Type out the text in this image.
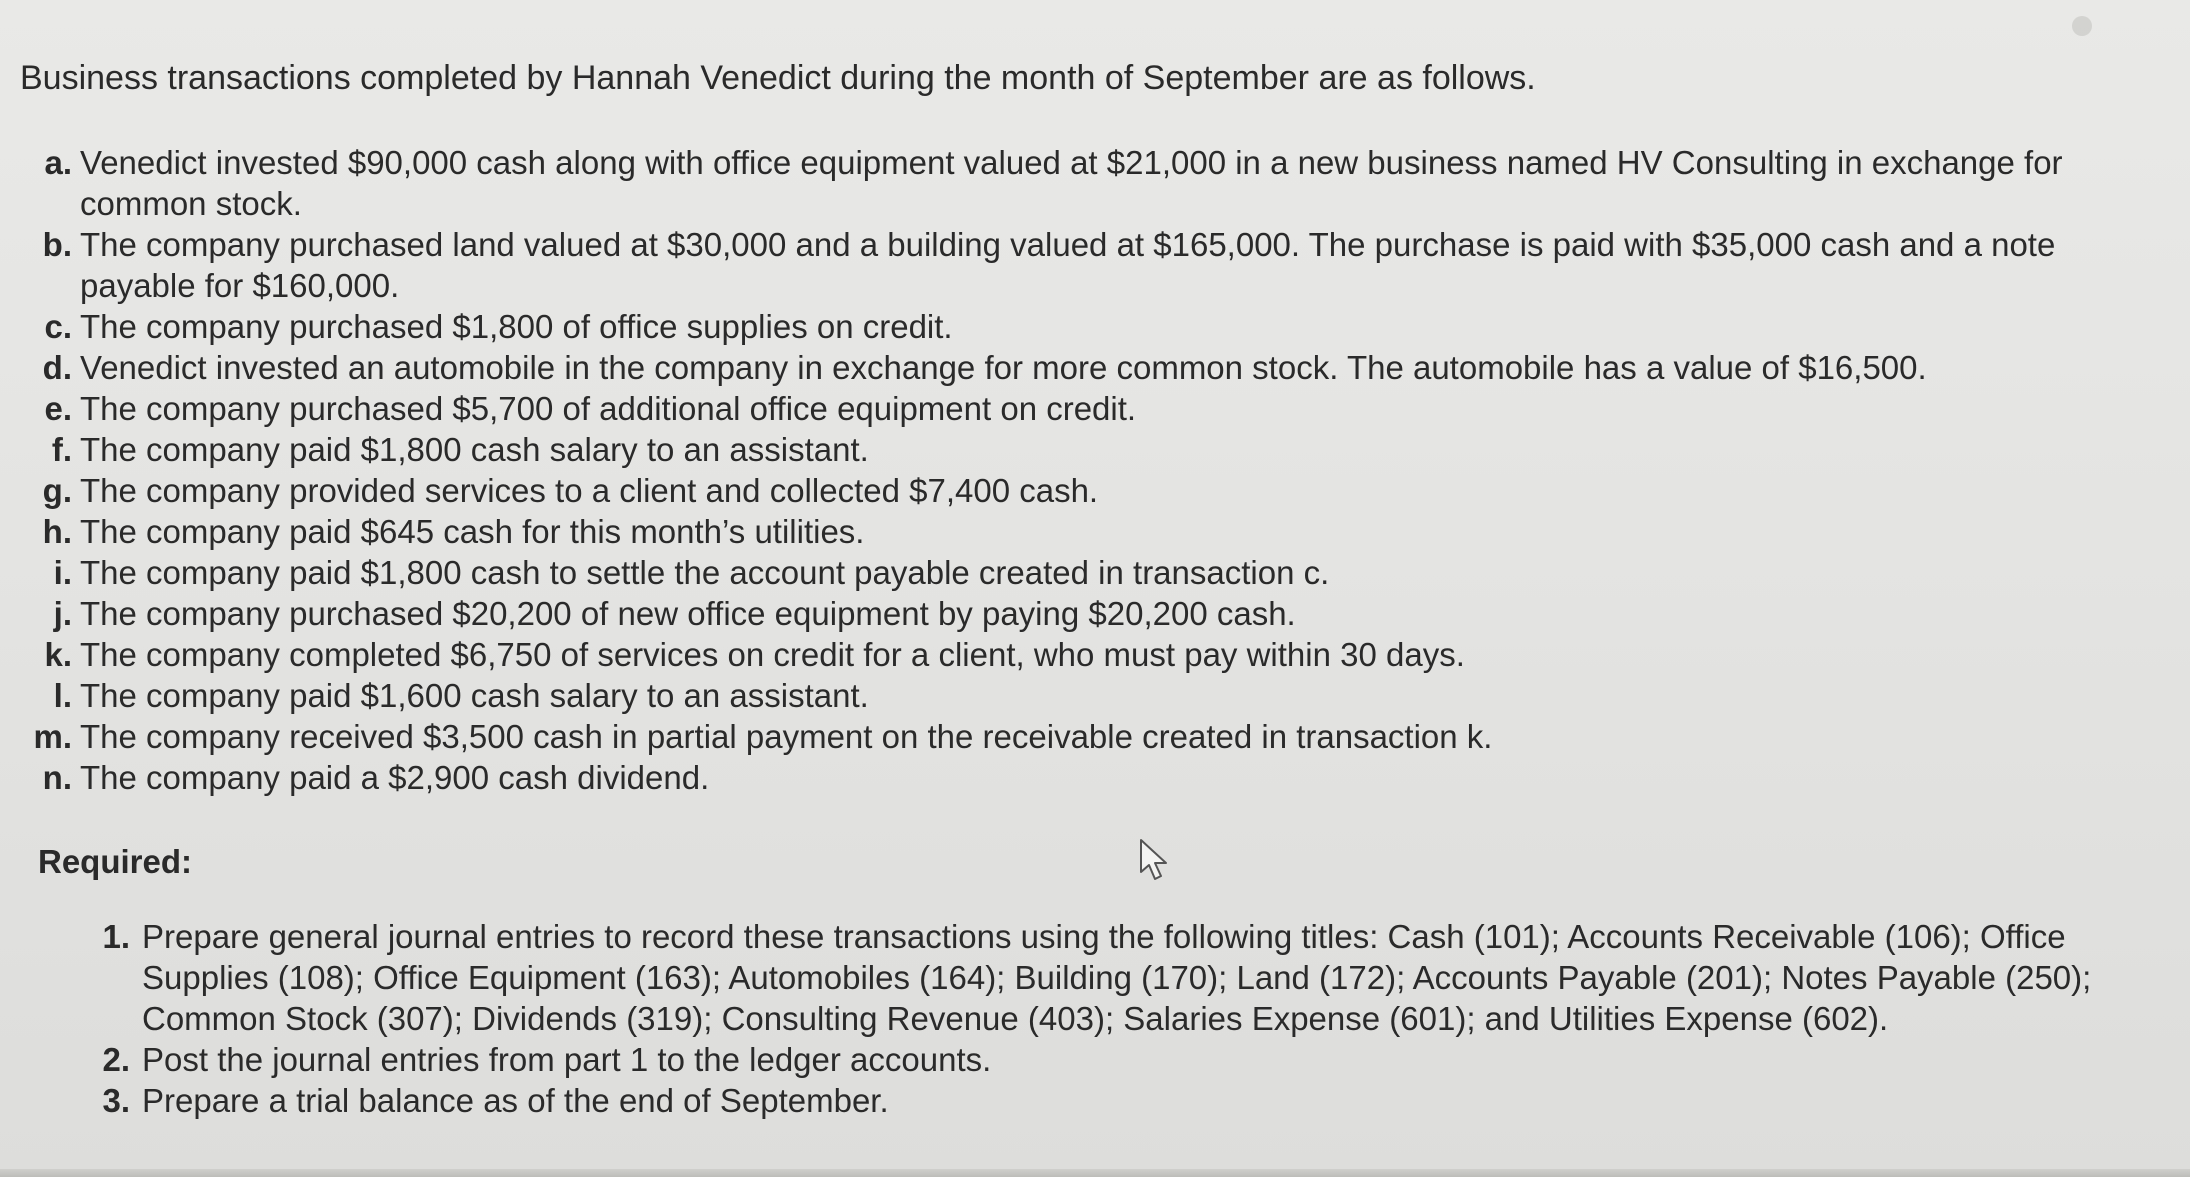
Business transactions completed by Hannah Venedict during the month of September are as follows.

a. Venedict invested $90,000 cash along with office equipment valued at $21,000 in a new business named HV Consulting in exchange for common stock.
b. The company purchased land valued at $30,000 and a building valued at $165,000. The purchase is paid with $35,000 cash and a note payable for $160,000.
c. The company purchased $1,800 of office supplies on credit.
d. Venedict invested an automobile in the company in exchange for more common stock. The automobile has a value of $16,500.
e. The company purchased $5,700 of additional office equipment on credit.
f. The company paid $1,800 cash salary to an assistant.
g. The company provided services to a client and collected $7,400 cash.
h. The company paid $645 cash for this month’s utilities.
i. The company paid $1,800 cash to settle the account payable created in transaction c.
j. The company purchased $20,200 of new office equipment by paying $20,200 cash.
k. The company completed $6,750 of services on credit for a client, who must pay within 30 days.
l. The company paid $1,600 cash salary to an assistant.
m. The company received $3,500 cash in partial payment on the receivable created in transaction k.
n. The company paid a $2,900 cash dividend.

Required:

1. Prepare general journal entries to record these transactions using the following titles: Cash (101); Accounts Receivable (106); Office Supplies (108); Office Equipment (163); Automobiles (164); Building (170); Land (172); Accounts Payable (201); Notes Payable (250); Common Stock (307); Dividends (319); Consulting Revenue (403); Salaries Expense (601); and Utilities Expense (602).
2. Post the journal entries from part 1 to the ledger accounts.
3. Prepare a trial balance as of the end of September.
